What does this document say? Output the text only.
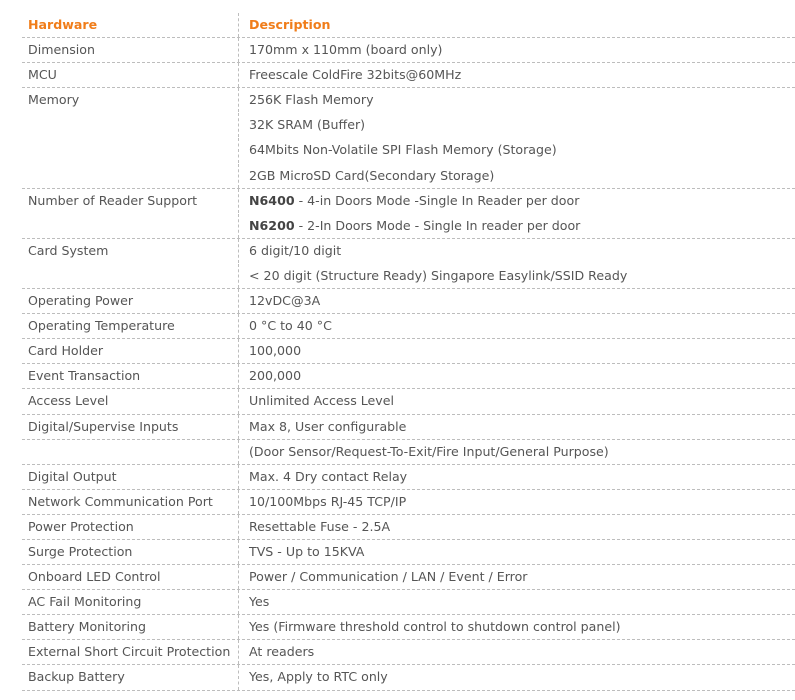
Hardware	Description
Dimension	170mm x 110mm (board only)
MCU	Freescale ColdFire 32bits@60MHz
Memory	256K Flash Memory
32K SRAM (Buffer)
64Mbits Non-Volatile SPI Flash Memory (Storage)
2GB MicroSD Card(Secondary Storage)
Number of Reader Support	N6400 - 4-in Doors Mode -Single In Reader per door
N6200 - 2-In Doors Mode - Single In reader per door
Card System	6 digit/10 digit
< 20 digit (Structure Ready) Singapore Easylink/SSID Ready
Operating Power	12vDC@3A
Operating Temperature	0 °C to 40 °C
Card Holder	100,000
Event Transaction	200,000
Access Level	Unlimited Access Level
Digital/Supervise Inputs	Max 8, User configurable
(Door Sensor/Request-To-Exit/Fire Input/General Purpose)
Digital Output	Max. 4 Dry contact Relay
Network Communication Port	10/100Mbps RJ-45 TCP/IP
Power Protection	Resettable Fuse - 2.5A
Surge Protection	TVS - Up to 15KVA
Onboard LED Control	Power / Communication / LAN / Event / Error
AC Fail Monitoring	Yes
Battery Monitoring	Yes (Firmware threshold control to shutdown control panel)
External Short Circuit Protection	At readers
Backup Battery	Yes, Apply to RTC only
